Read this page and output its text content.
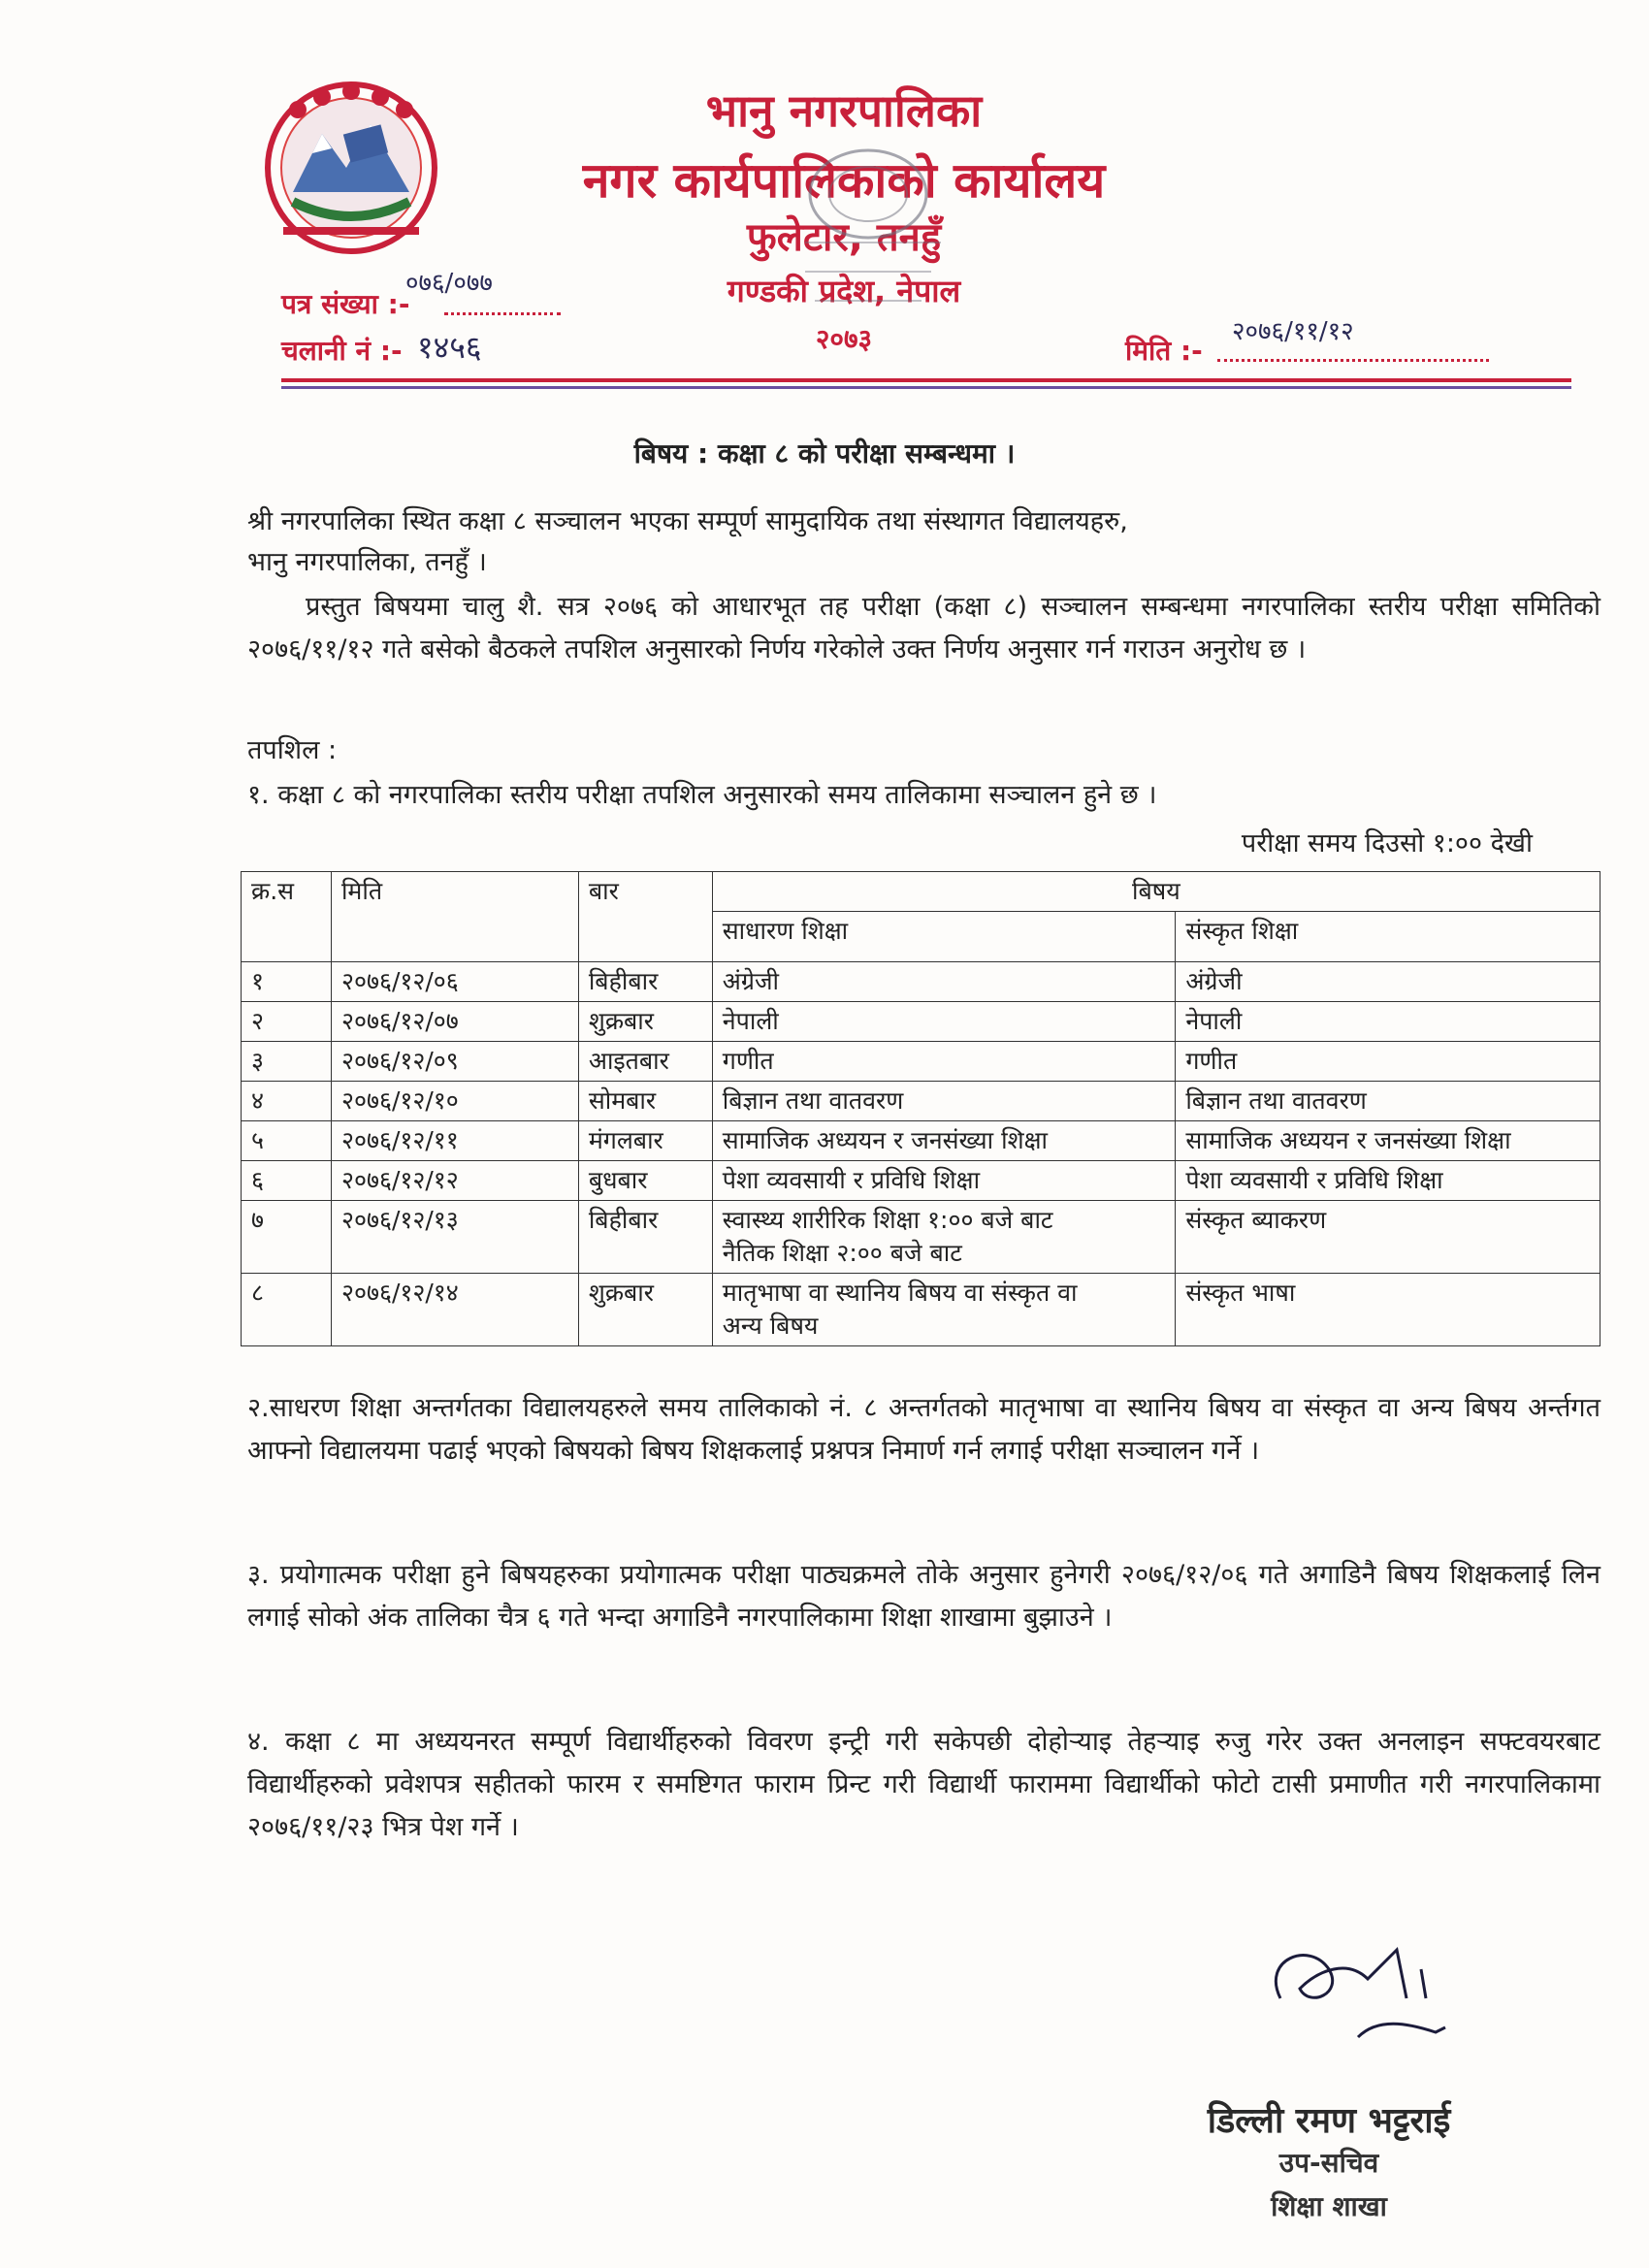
भानु नगरपालिका
नगर कार्यपालिकाको कार्यालय
फुलेटार, तनहुँ
गण्डकी प्रदेश, नेपाल
२०७३
०७६/०७७
पत्र संख्या :-
चलानी नं :- १४५६	मिति :-
२०७६/११/१२
बिषय : कक्षा ८ को परीक्षा सम्बन्धमा ।
श्री नगरपालिका स्थित कक्षा ८ सञ्चालन भएका सम्पूर्ण सामुदायिक तथा संस्थागत विद्यालयहरु,
भानु नगरपालिका, तनहुँ ।
प्रस्तुत बिषयमा चालु शै. सत्र २०७६ को आधारभूत तह परीक्षा (कक्षा ८) सञ्चालन सम्बन्धमा नगरपालिका स्तरीय परीक्षा समितिको २०७६/११/१२ गते बसेको बैठकले तपशिल अनुसारको निर्णय गरेकोले उक्त निर्णय अनुसार गर्न गराउन अनुरोध छ ।
तपशिल :
१. कक्षा ८ को नगरपालिका स्तरीय परीक्षा तपशिल अनुसारको समय तालिकामा सञ्चालन हुने छ ।
परीक्षा समय दिउसो १:०० देखी
क्र.स	मिति	बार	बिषय	
			साधारण शिक्षा	संस्कृत शिक्षा
१	२०७६/१२/०६	बिहीबार	अंग्रेजी	अंग्रेजी
२	२०७६/१२/०७	शुक्रबार	नेपाली	नेपाली
३	२०७६/१२/०९	आइतबार	गणीत	गणीत
४	२०७६/१२/१०	सोमबार	बिज्ञान तथा वातवरण	बिज्ञान तथा वातवरण
५	२०७६/१२/११	मंगलबार	सामाजिक अध्ययन र जनसंख्या शिक्षा	सामाजिक अध्ययन र जनसंख्या शिक्षा
६	२०७६/१२/१२	बुधबार	पेशा व्यवसायी र प्रविधि शिक्षा	पेशा व्यवसायी र प्रविधि शिक्षा
७	२०७६/१२/१३	बिहीबार	स्वास्थ्य शारीरिक शिक्षा १:०० बजे बाट
नैतिक शिक्षा २:०० बजे बाट	संस्कृत ब्याकरण
८	२०७६/१२/१४	शुक्रबार	मातृभाषा वा स्थानिय बिषय वा संस्कृत वा
अन्य बिषय	संस्कृत भाषा
२.साधरण शिक्षा अन्तर्गतका विद्यालयहरुले समय तालिकाको नं. ८ अन्तर्गतको मातृभाषा वा स्थानिय बिषय वा संस्कृत वा अन्य बिषय अर्न्तगत आफ्नो विद्यालयमा पढाई भएको बिषयको बिषय शिक्षकलाई प्रश्नपत्र निमार्ण गर्न लगाई परीक्षा सञ्चालन गर्ने ।
३. प्रयोगात्मक परीक्षा हुने बिषयहरुका प्रयोगात्मक परीक्षा पाठ्यक्रमले तोके अनुसार हुनेगरी २०७६/१२/०६ गते अगाडिनै बिषय शिक्षकलाई लिन लगाई सोको अंक तालिका चैत्र ६ गते भन्दा अगाडिनै नगरपालिकामा शिक्षा शाखामा बुझाउने ।
४. कक्षा ८ मा अध्ययनरत सम्पूर्ण विद्यार्थीहरुको विवरण इन्ट्री गरी सकेपछी दोहोऱ्याइ तेहऱ्याइ रुजु गरेर उक्त अनलाइन सफ्टवयरबाट विद्यार्थीहरुको प्रवेशपत्र सहीतको फारम र समष्टिगत फाराम प्रिन्ट गरी विद्यार्थी फाराममा विद्यार्थीको फोटो टासी प्रमाणीत गरी नगरपालिकामा २०७६/११/२३ भित्र पेश गर्ने ।
डिल्ली रमण भट्टराई
उप-सचिव
शिक्षा शाखा
